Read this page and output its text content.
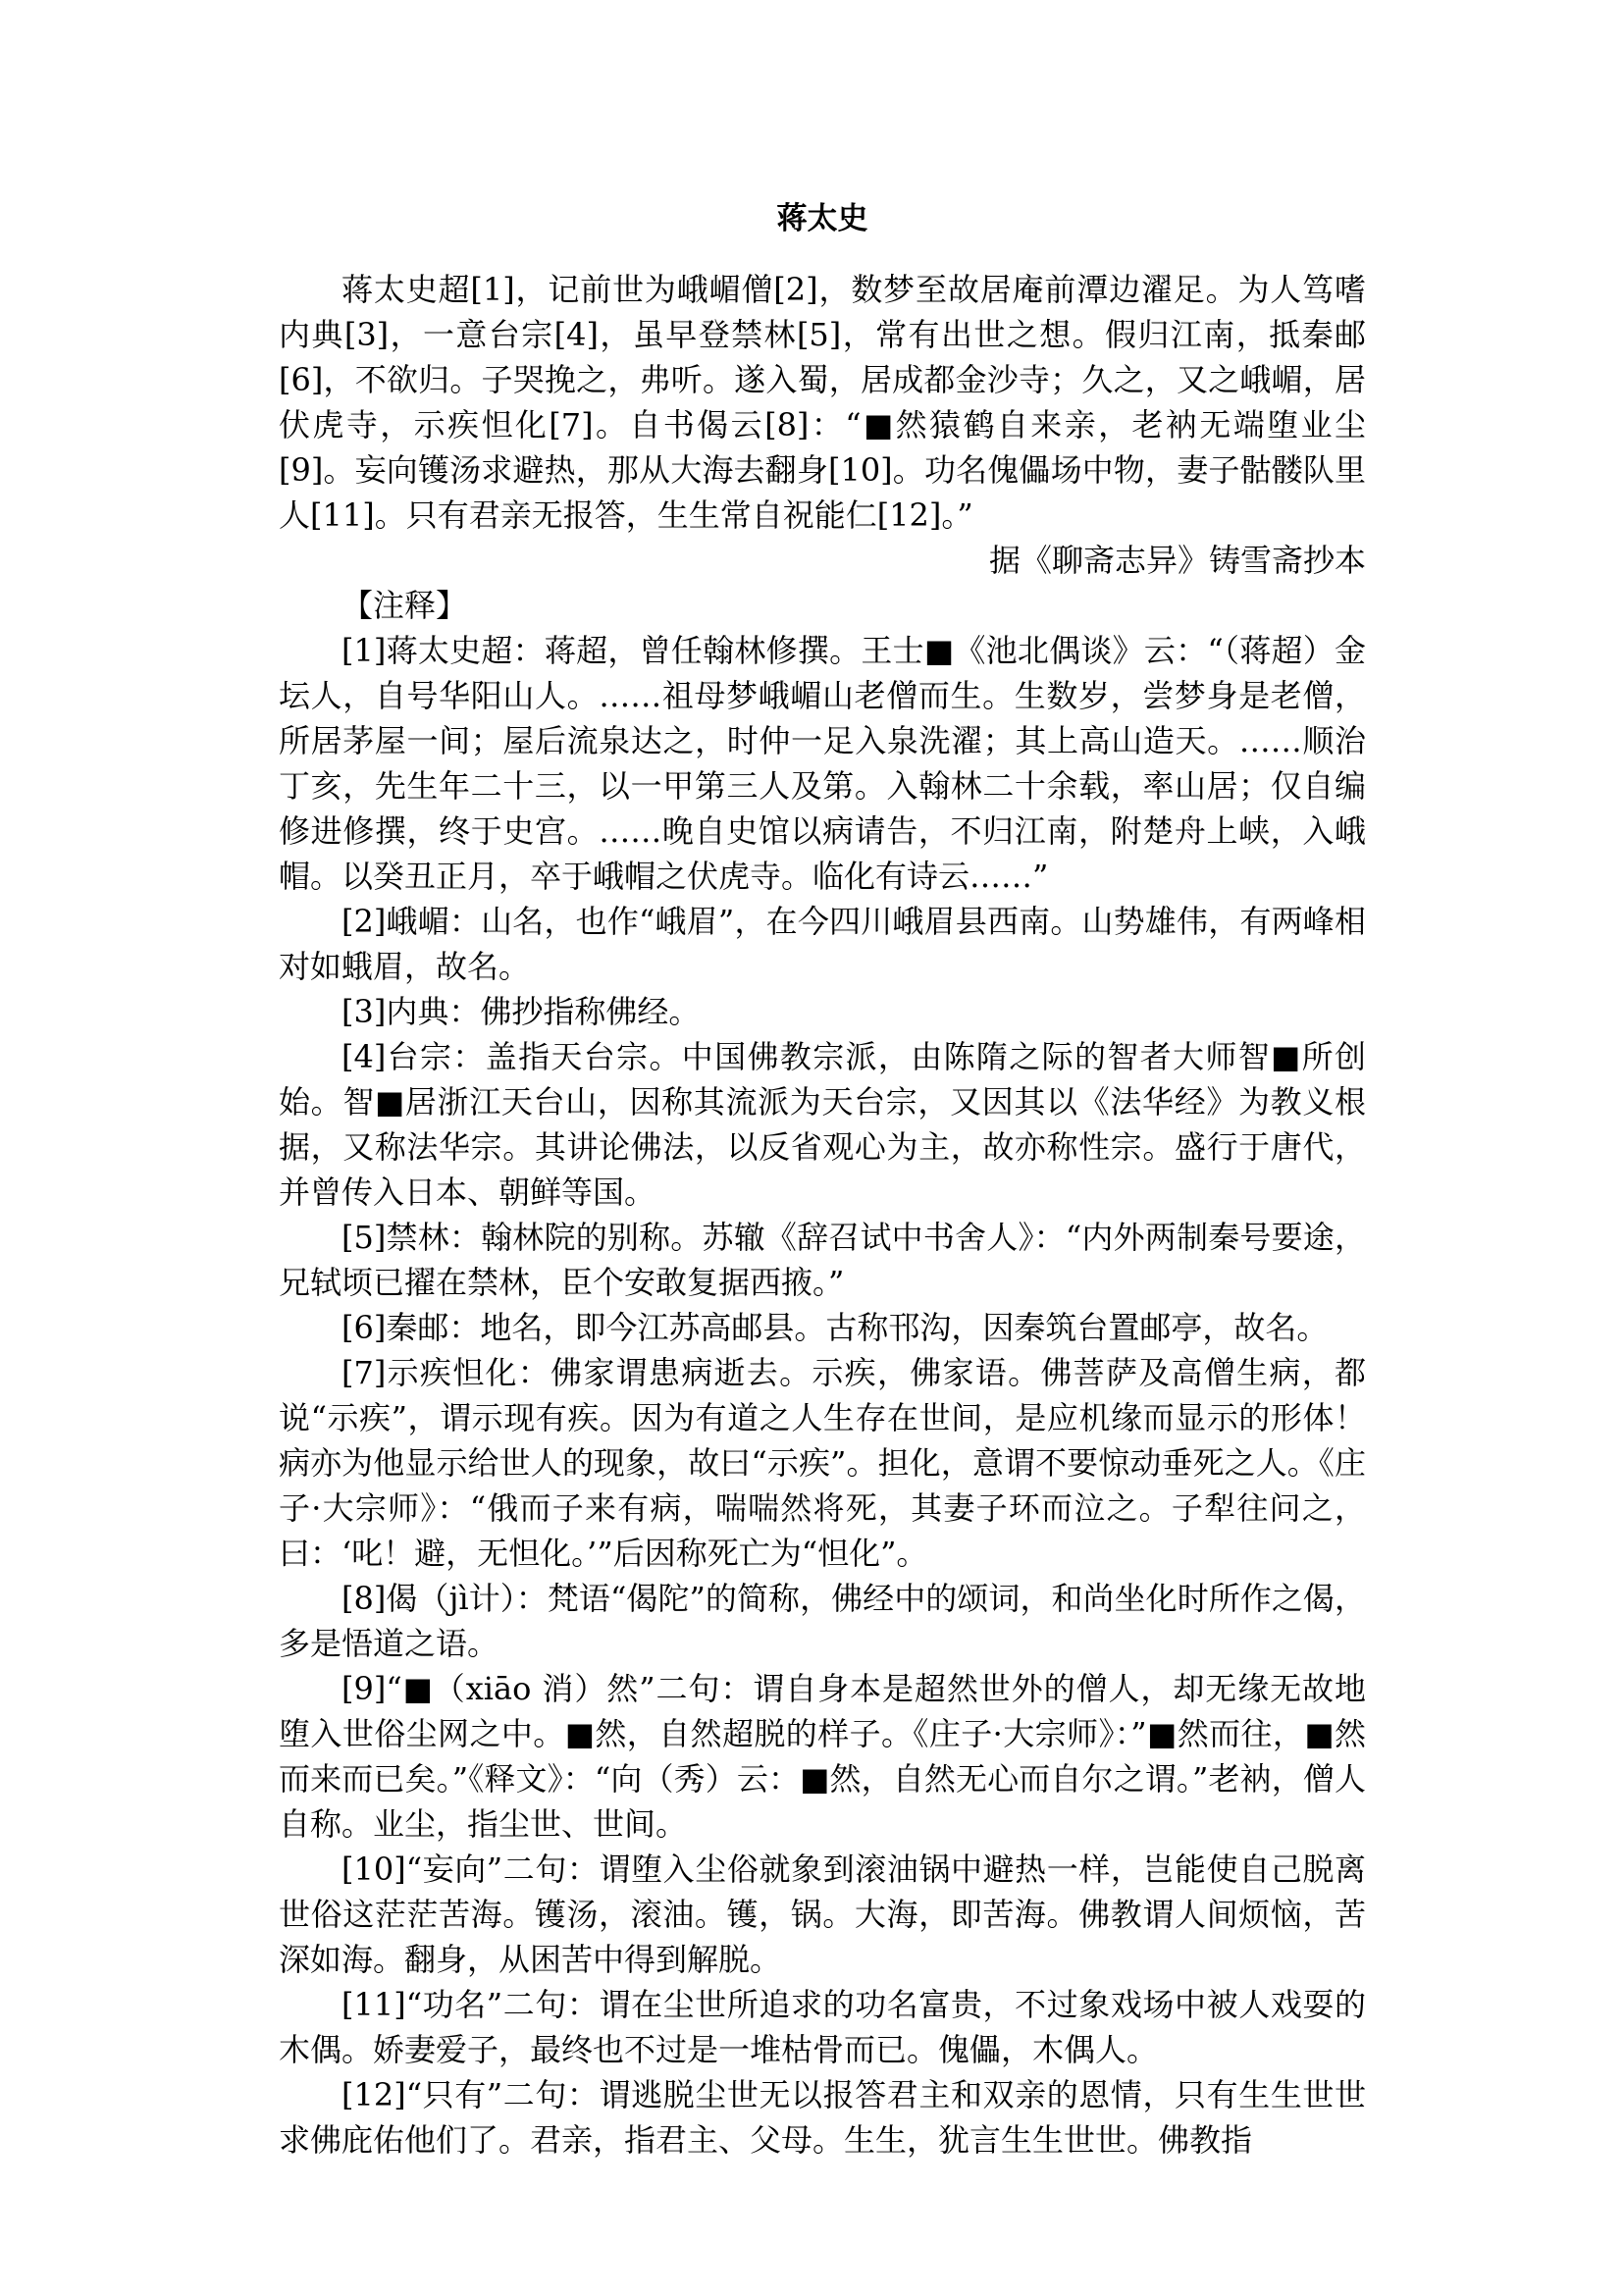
蒋太史

蒋太史超[1]，记前世为峨嵋僧[2]，数梦至故居庵前潭边濯足。为人笃嗜内典[3]，一意台宗[4]，虽早登禁林[5]，常有出世之想。假归江南，抵秦邮[6]，不欲归。子哭挽之，弗听。遂入蜀，居成都金沙寺；久之，又之峨嵋，居伏虎寺，示疾怛化[7]。自书偈云[8]：“■然猿鹤自来亲，老衲无端堕业尘[9]。妄向镬汤求避热，那从大海去翻身[10]。功名傀儡场中物，妻子骷髅队里人[11]。只有君亲无报答，生生常自祝能仁[12]。”

据《聊斋志异》铸雪斋抄本

【注释】

[1]蒋太史超：蒋超，曾任翰林修撰。王士■《池北偶谈》云：“（蒋超）金坛人，自号华阳山人。……祖母梦峨嵋山老僧而生。生数岁，尝梦身是老僧，所居茅屋一间；屋后流泉达之，时仲一足入泉洗濯；其上高山造天。……顺治丁亥，先生年二十三，以一甲第三人及第。入翰林二十余载，率山居；仅自编修进修撰，终于史宫。……晚自史馆以病请告，不归江南，附楚舟上峡，入峨帽。以癸丑正月，卒于峨帽之伏虎寺。临化有诗云……”

[2]峨嵋：山名，也作“峨眉”，在今四川峨眉县西南。山势雄伟，有两峰相对如蛾眉，故名。

[3]内典：佛抄指称佛经。

[4]台宗：盖指天台宗。中国佛教宗派，由陈隋之际的智者大师智■所创始。智■居浙江天台山，因称其流派为天台宗，又因其以《法华经》为教义根据，又称法华宗。其讲论佛法，以反省观心为主，故亦称性宗。盛行于唐代，并曾传入日本、朝鲜等国。

[5]禁林：翰林院的别称。苏辙《辞召试中书舍人》：“内外两制秦号要途，兄轼顷已擢在禁林，臣个安敢复据西掖。”

[6]秦邮：地名，即今江苏高邮县。古称邗沟，因秦筑台置邮亭，故名。

[7]示疾怛化：佛家谓患病逝去。示疾，佛家语。佛菩萨及高僧生病，都说“示疾”，谓示现有疾。因为有道之人生存在世间，是应机缘而显示的形体！病亦为他显示给世人的现象，故曰“示疾”。担化，意谓不要惊动垂死之人。《庄子·大宗师》：“俄而子来有病，喘喘然将死，其妻子环而泣之。子犁往问之，曰：‘叱！避，无怛化。’”后因称死亡为“怛化”。

[8]偈（jì计）：梵语“偈陀”的简称，佛经中的颂词，和尚坐化时所作之偈，多是悟道之语。

[9]“■（xiāo 消）然”二句：谓自身本是超然世外的僧人，却无缘无故地堕入世俗尘网之中。■然，自然超脱的样子。《庄子·大宗师》：”■然而往，■然而来而已矣。”《释文》：“向（秀）云：■然，自然无心而自尔之谓。”老衲，僧人自称。业尘，指尘世、世间。

[10]“妄向”二句：谓堕入尘俗就象到滚油锅中避热一样，岂能使自己脱离世俗这茫茫苦海。镬汤，滚油。镬，锅。大海，即苦海。佛教谓人间烦恼，苦深如海。翻身，从困苦中得到解脱。

[11]“功名”二句：谓在尘世所追求的功名富贵，不过象戏场中被人戏耍的木偶。娇妻爱子，最终也不过是一堆枯骨而已。傀儡，木偶人。

[12]“只有”二句：谓逃脱尘世无以报答君主和双亲的恩情，只有生生世世求佛庇佑他们了。君亲，指君主、父母。生生，犹言生生世世。佛教指
